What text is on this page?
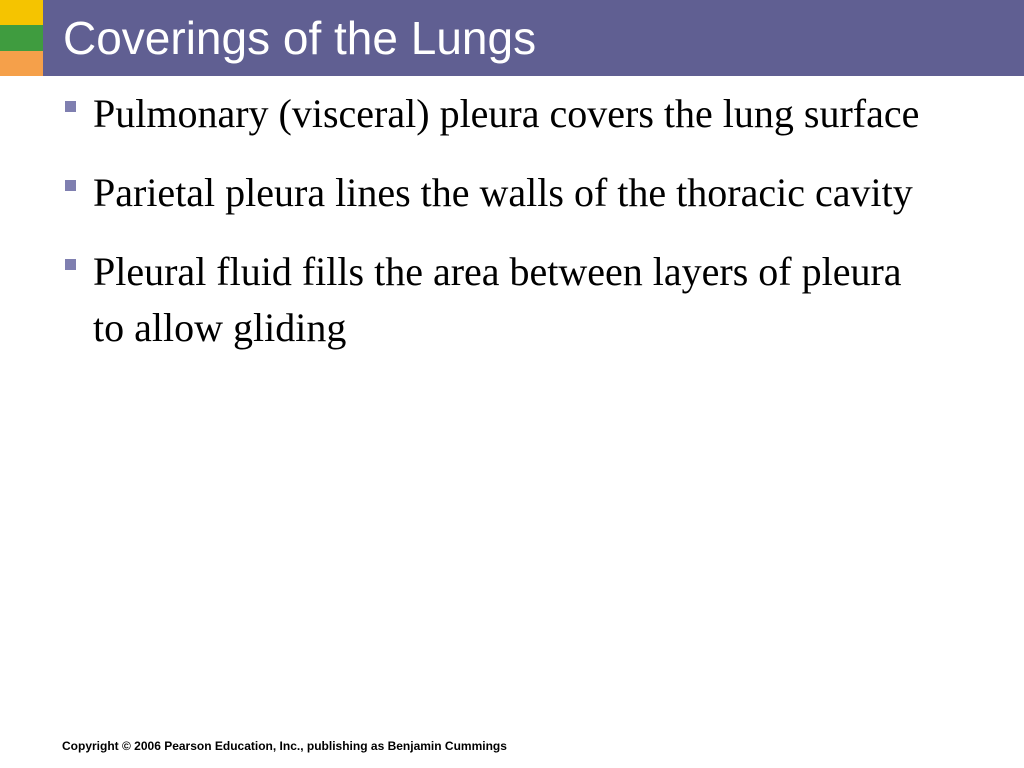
Coverings of the Lungs
Pulmonary (visceral) pleura covers the lung surface
Parietal pleura lines the walls of the thoracic cavity
Pleural fluid fills the area between layers of pleura to allow gliding
Copyright © 2006 Pearson Education, Inc., publishing as Benjamin Cummings
